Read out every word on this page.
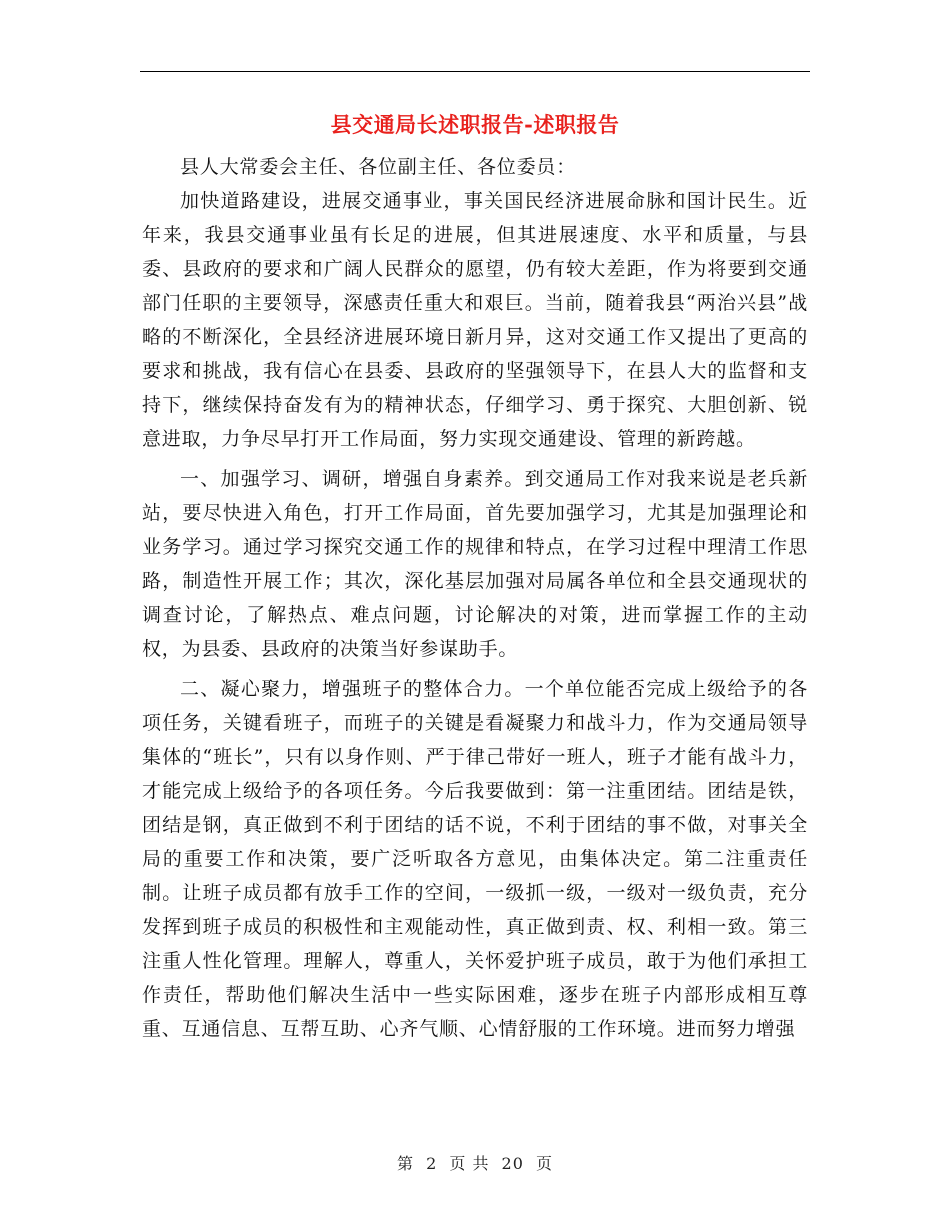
县交通局长述职报告-述职报告

县人大常委会主任、各位副主任、各位委员：

加快道路建设，进展交通事业，事关国民经济进展命脉和国计民生。近年来，我县交通事业虽有长足的进展，但其进展速度、水平和质量，与县委、县政府的要求和广阔人民群众的愿望，仍有较大差距，作为将要到交通部门任职的主要领导，深感责任重大和艰巨。当前，随着我县“两治兴县”战略的不断深化，全县经济进展环境日新月异，这对交通工作又提出了更高的要求和挑战，我有信心在县委、县政府的坚强领导下，在县人大的监督和支持下，继续保持奋发有为的精神状态，仔细学习、勇于探究、大胆创新、锐意进取，力争尽早打开工作局面，努力实现交通建设、管理的新跨越。

一、加强学习、调研，增强自身素养。到交通局工作对我来说是老兵新站，要尽快进入角色，打开工作局面，首先要加强学习，尤其是加强理论和业务学习。通过学习探究交通工作的规律和特点，在学习过程中理清工作思路，制造性开展工作；其次，深化基层加强对局属各单位和全县交通现状的调查讨论，了解热点、难点问题，讨论解决的对策，进而掌握工作的主动权，为县委、县政府的决策当好参谋助手。

二、凝心聚力，增强班子的整体合力。一个单位能否完成上级给予的各项任务，关键看班子，而班子的关键是看凝聚力和战斗力，作为交通局领导集体的“班长”，只有以身作则、严于律己带好一班人，班子才能有战斗力，才能完成上级给予的各项任务。今后我要做到：第一注重团结。团结是铁，团结是钢，真正做到不利于团结的话不说，不利于团结的事不做，对事关全局的重要工作和决策，要广泛听取各方意见，由集体决定。第二注重责任制。让班子成员都有放手工作的空间，一级抓一级，一级对一级负责，充分发挥到班子成员的积极性和主观能动性，真正做到责、权、利相一致。第三注重人性化管理。理解人，尊重人，关怀爱护班子成员，敢于为他们承担工作责任，帮助他们解决生活中一些实际困难，逐步在班子内部形成相互尊重、互通信息、互帮互助、心齐气顺、心情舒服的工作环境。进而努力增强

第 2 页 共 20 页
